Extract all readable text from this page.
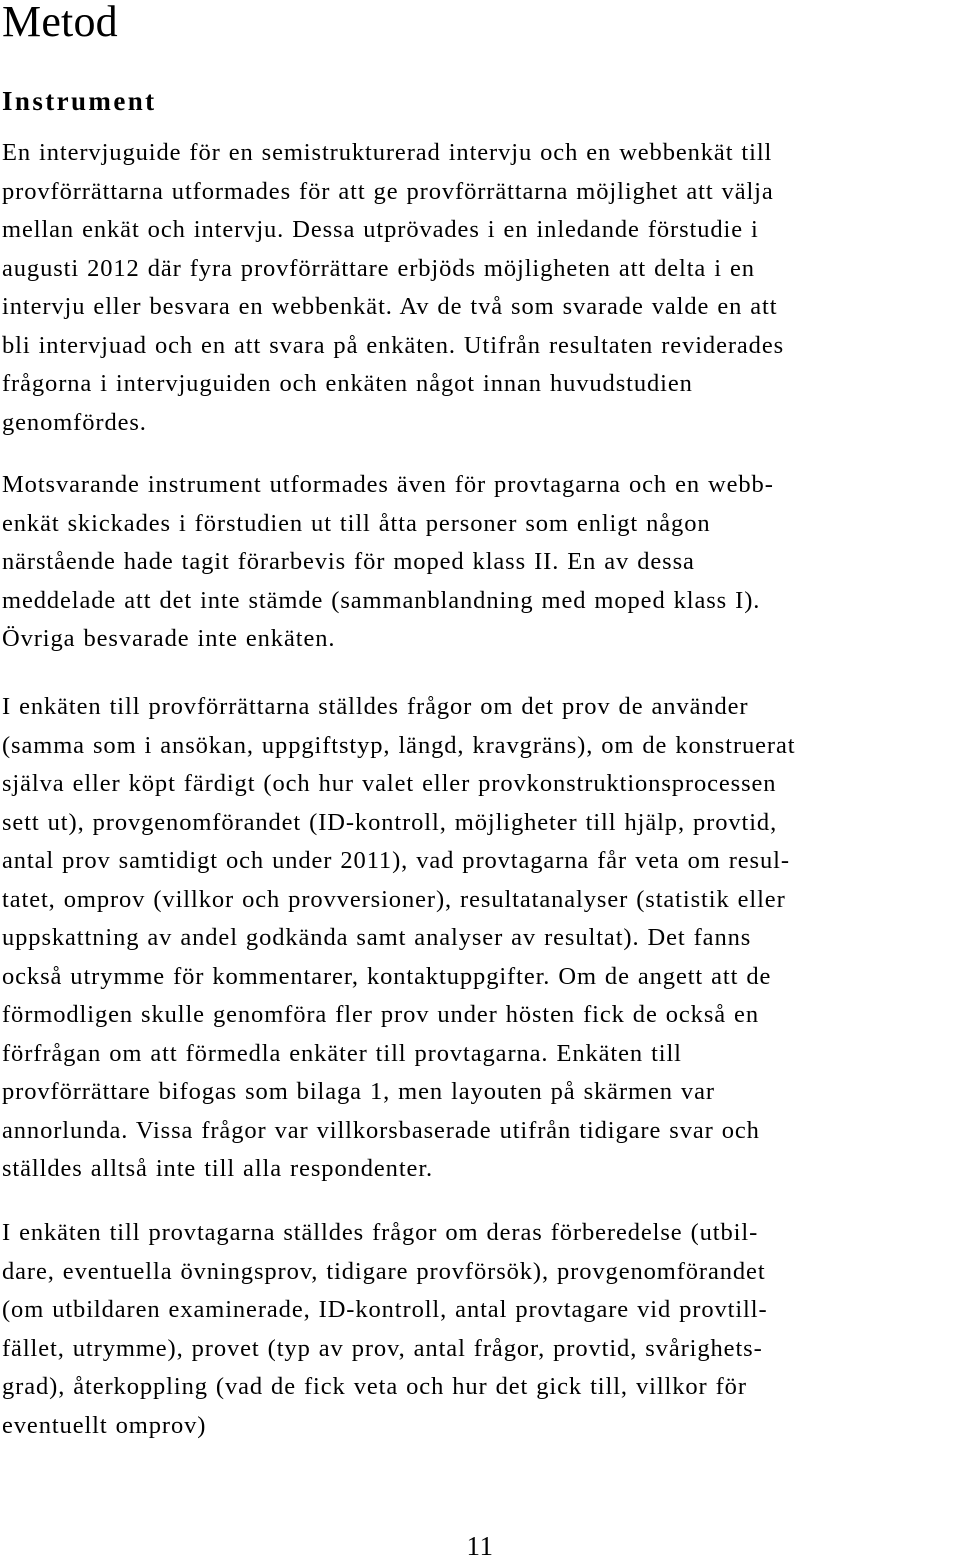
Metod
Instrument

En intervjuguide för en semistrukturerad intervju och en webbenkät till
provförrättarna utformades för att ge provförrättarna möjlighet att välja
mellan enkät och intervju. Dessa utprövades i en inledande förstudie i
augusti 2012 där fyra provförrättare erbjöds möjligheten att delta i en
intervju eller besvara en webbenkät. Av de två som svarade valde en att
bli intervjuad och en att svara på enkäten. Utifrån resultaten reviderades
frågorna i intervjuguiden och enkäten något innan huvudstudien
genomfördes.

Motsvarande instrument utformades även för provtagarna och en webb-
enkät skickades i förstudien ut till åtta personer som enligt någon
närstående hade tagit förarbevis för moped klass II. En av dessa
meddelade att det inte stämde (sammanblandning med moped klass I).
Övriga besvarade inte enkäten.

I enkäten till provförrättarna ställdes frågor om det prov de använder
(samma som i ansökan, uppgiftstyp, längd, kravgräns), om de konstruerat
själva eller köpt färdigt (och hur valet eller provkonstruktionsprocessen
sett ut), provgenomförandet (ID-kontroll, möjligheter till hjälp, provtid,
antal prov samtidigt och under 2011), vad provtagarna får veta om resul-
tatet, omprov (villkor och provversioner), resultatanalyser (statistik eller
uppskattning av andel godkända samt analyser av resultat). Det fanns
också utrymme för kommentarer, kontaktuppgifter. Om de angett att de
förmodligen skulle genomföra fler prov under hösten fick de också en
förfrågan om att förmedla enkäter till provtagarna. Enkäten till
provförrättare bifogas som bilaga 1, men layouten på skärmen var
annorlunda. Vissa frågor var villkorsbaserade utifrån tidigare svar och
ställdes alltså inte till alla respondenter.

I enkäten till provtagarna ställdes frågor om deras förberedelse (utbil-
dare, eventuella övningsprov, tidigare provförsök), provgenomförandet
(om utbildaren examinerade, ID-kontroll, antal provtagare vid provtill-
fället, utrymme), provet (typ av prov, antal frågor, provtid, svårighets-
grad), återkoppling (vad de fick veta och hur det gick till, villkor för
eventuellt omprov)

11
